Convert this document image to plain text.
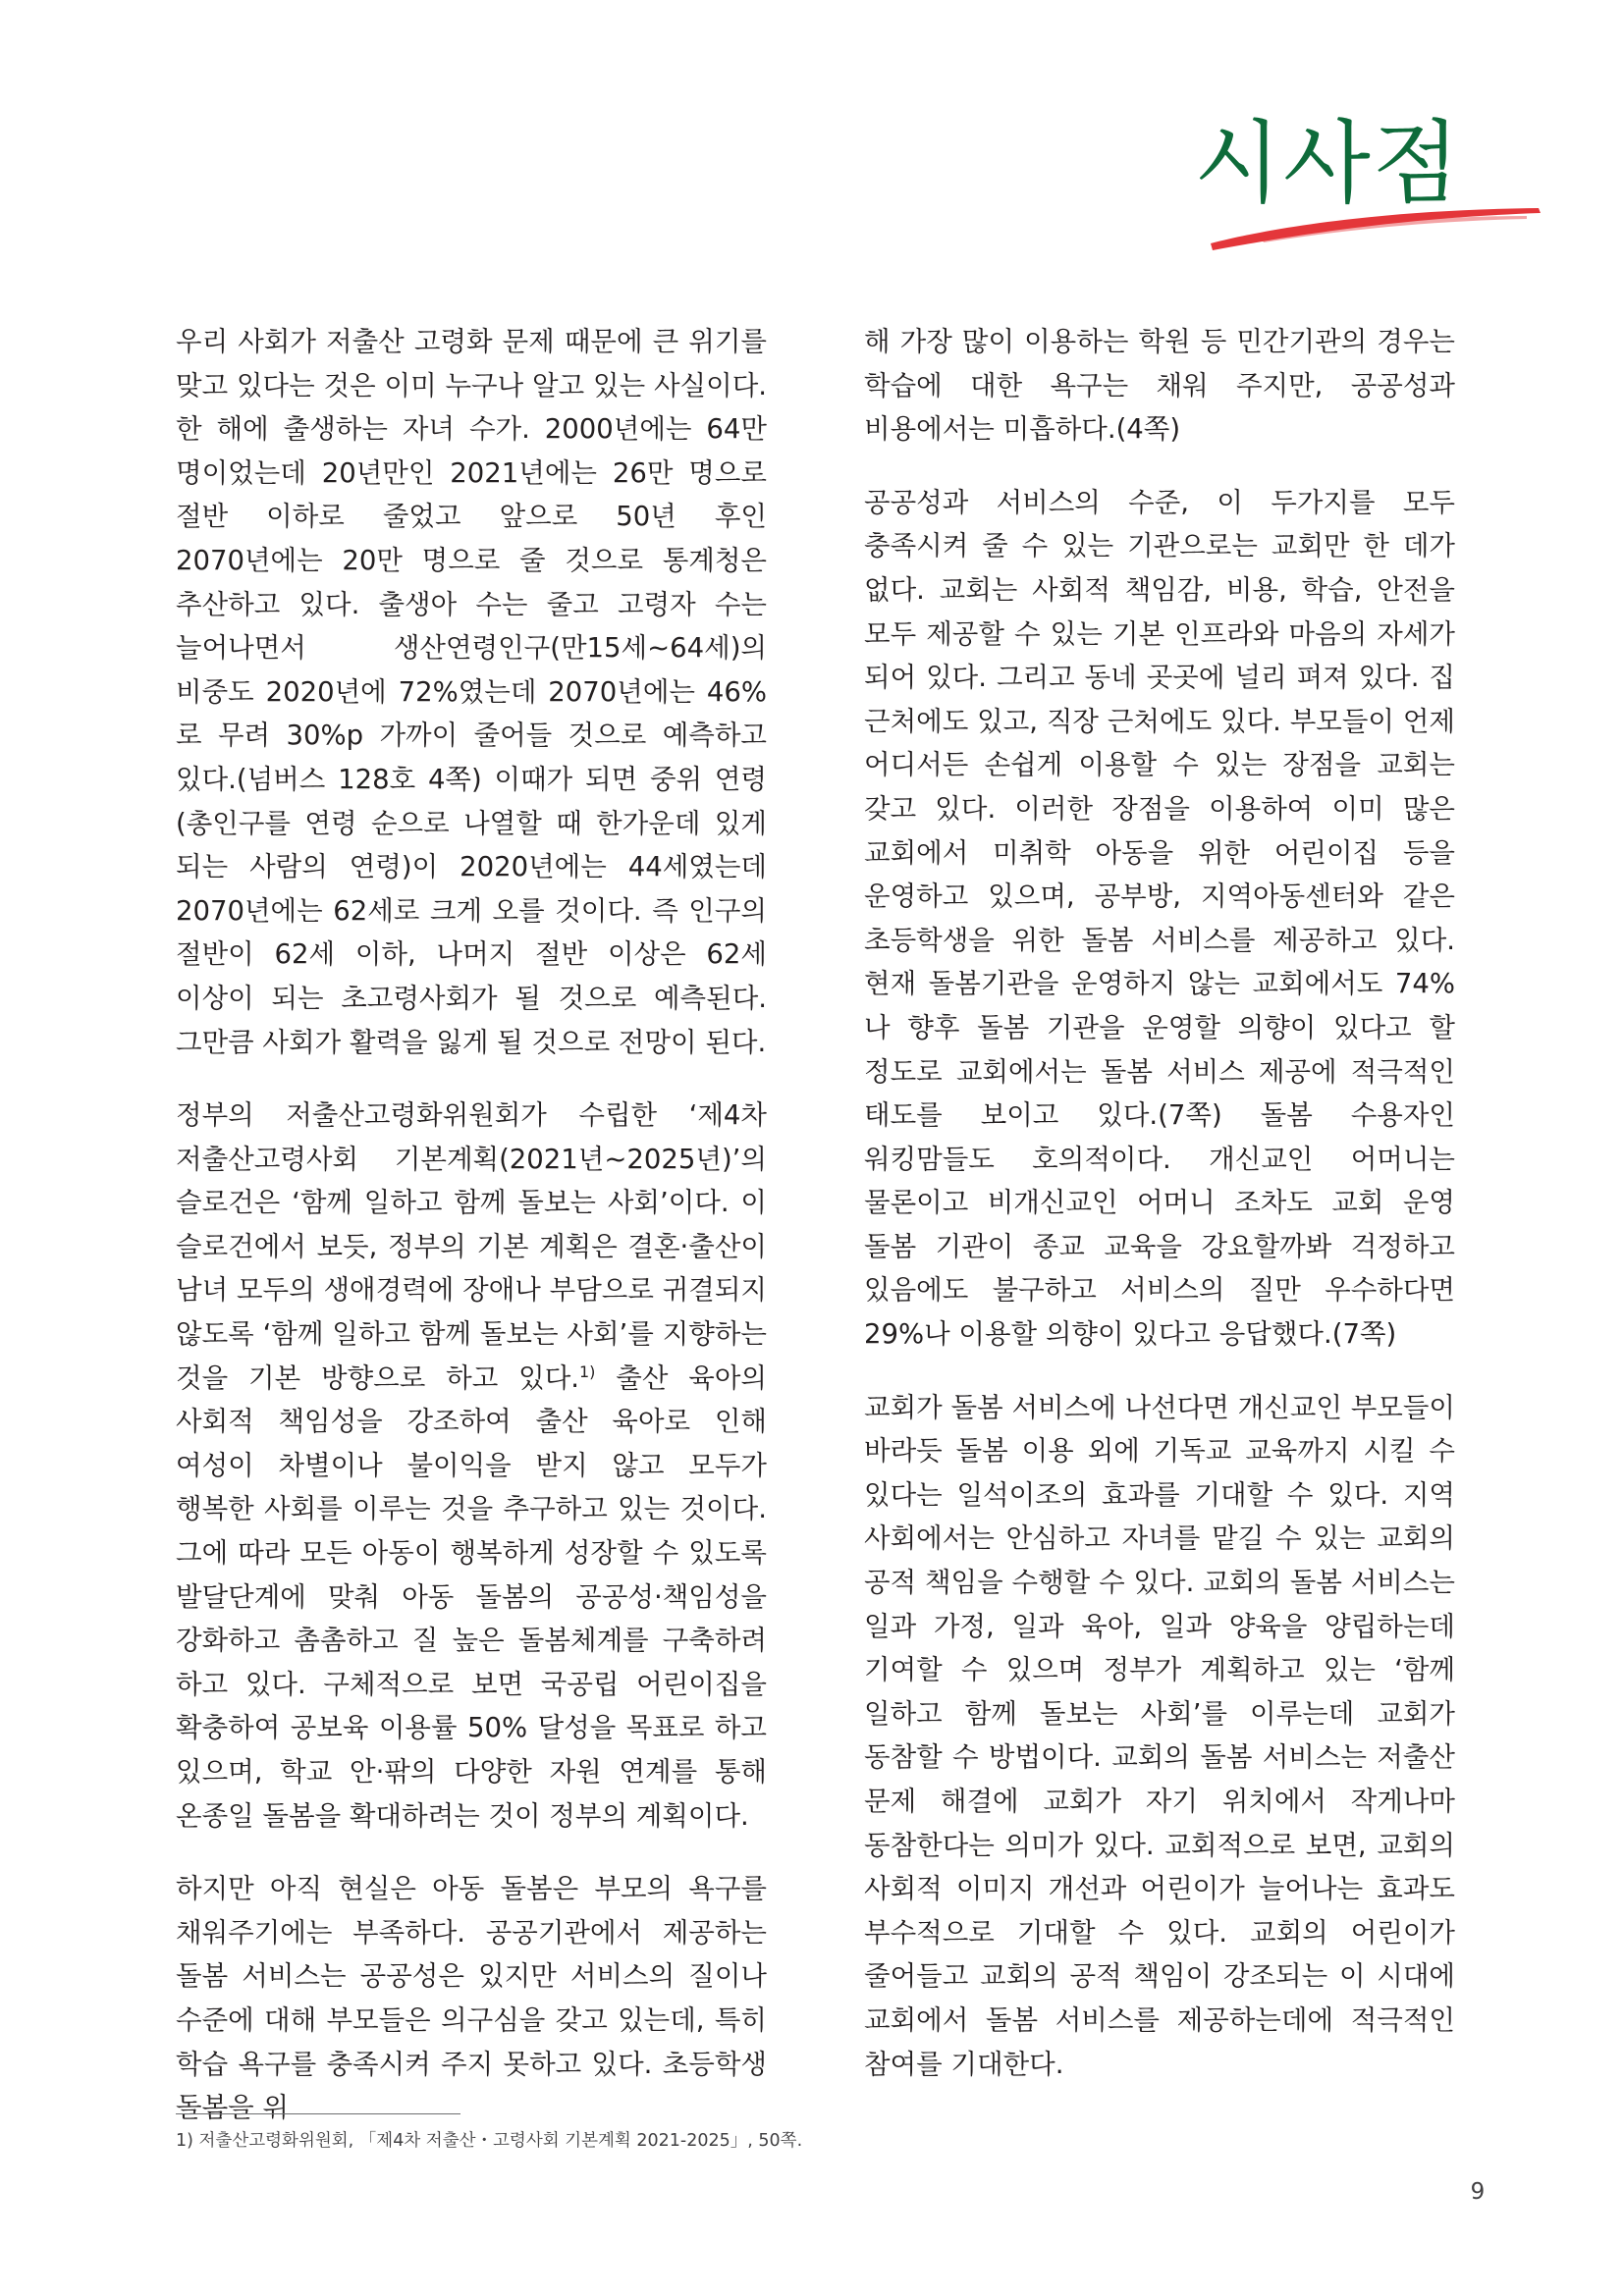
시사점

우리 사회가 저출산 고령화 문제 때문에 큰 위기를 맞고 있다는 것은 이미 누구나 알고 있는 사실이다. 한 해에 출생하는 자녀 수가. 2000년에는 64만 명이었는데 20년만인 2021년에는 26만 명으로 절반 이하로 줄었고 앞으로 50년 후인 2070년에는 20만 명으로 줄 것으로 통계청은 추산하고 있다. 출생아 수는 줄고 고령자 수는 늘어나면서 생산연령인구(만15세~64세)의 비중도 2020년에 72%였는데 2070년에는 46%로 무려 30%p 가까이 줄어들 것으로 예측하고 있다.(넘버스 128호 4쪽) 이때가 되면 중위 연령(총인구를 연령 순으로 나열할 때 한가운데 있게 되는 사람의 연령)이 2020년에는 44세였는데 2070년에는 62세로 크게 오를 것이다. 즉 인구의 절반이 62세 이하, 나머지 절반 이상은 62세 이상이 되는 초고령사회가 될 것으로 예측된다. 그만큼 사회가 활력을 잃게 될 것으로 전망이 된다.

정부의 저출산고령화위원회가 수립한 ‘제4차 저출산고령사회 기본계획(2021년~2025년)’의 슬로건은 ‘함께 일하고 함께 돌보는 사회’이다. 이 슬로건에서 보듯, 정부의 기본 계획은 결혼·출산이 남녀 모두의 생애경력에 장애나 부담으로 귀결되지 않도록 ‘함께 일하고 함께 돌보는 사회’를 지향하는 것을 기본 방향으로 하고 있다.$^{1)}$ 출산 육아의 사회적 책임성을 강조하여 출산 육아로 인해 여성이 차별이나 불이익을 받지 않고 모두가 행복한 사회를 이루는 것을 추구하고 있는 것이다. 그에 따라 모든 아동이 행복하게 성장할 수 있도록 발달단계에 맞춰 아동 돌봄의 공공성·책임성을 강화하고 촘촘하고 질 높은 돌봄체계를 구축하려 하고 있다. 구체적으로 보면 국공립 어린이집을 확충하여 공보육 이용률 50% 달성을 목표로 하고 있으며, 학교 안·팎의 다양한 자원 연계를 통해 온종일 돌봄을 확대하려는 것이 정부의 계획이다.

하지만 아직 현실은 아동 돌봄은 부모의 욕구를 채워주기에는 부족하다. 공공기관에서 제공하는 돌봄 서비스는 공공성은 있지만 서비스의 질이나 수준에 대해 부모들은 의구심을 갖고 있는데, 특히 학습 욕구를 충족시켜 주지 못하고 있다. 초등학생 돌봄을 위

해 가장 많이 이용하는 학원 등 민간기관의 경우는 학습에 대한 욕구는 채워 주지만, 공공성과 비용에서는 미흡하다.(4쪽)

공공성과 서비스의 수준, 이 두가지를 모두 충족시켜 줄 수 있는 기관으로는 교회만 한 데가 없다. 교회는 사회적 책임감, 비용, 학습, 안전을 모두 제공할 수 있는 기본 인프라와 마음의 자세가 되어 있다. 그리고 동네 곳곳에 널리 펴져 있다. 집 근처에도 있고, 직장 근처에도 있다. 부모들이 언제 어디서든 손쉽게 이용할 수 있는 장점을 교회는 갖고 있다. 이러한 장점을 이용하여 이미 많은 교회에서 미취학 아동을 위한 어린이집 등을 운영하고 있으며, 공부방, 지역아동센터와 같은 초등학생을 위한 돌봄 서비스를 제공하고 있다. 현재 돌봄기관을 운영하지 않는 교회에서도 74%나 향후 돌봄 기관을 운영할 의향이 있다고 할 정도로 교회에서는 돌봄 서비스 제공에 적극적인 태도를 보이고 있다.(7쪽) 돌봄 수용자인 워킹맘들도 호의적이다. 개신교인 어머니는 물론이고 비개신교인 어머니 조차도 교회 운영 돌봄 기관이 종교 교육을 강요할까봐 걱정하고 있음에도 불구하고 서비스의 질만 우수하다면 29%나 이용할 의향이 있다고 응답했다.(7쪽)

교회가 돌봄 서비스에 나선다면 개신교인 부모들이 바라듯 돌봄 이용 외에 기독교 교육까지 시킬 수 있다는 일석이조의 효과를 기대할 수 있다. 지역 사회에서는 안심하고 자녀를 맡길 수 있는 교회의 공적 책임을 수행할 수 있다. 교회의 돌봄 서비스는 일과 가정, 일과 육아, 일과 양육을 양립하는데 기여할 수 있으며 정부가 계획하고 있는 ‘함께 일하고 함께 돌보는 사회’를 이루는데 교회가 동참할 수 방법이다. 교회의 돌봄 서비스는 저출산 문제 해결에 교회가 자기 위치에서 작게나마 동참한다는 의미가 있다. 교회적으로 보면, 교회의 사회적 이미지 개선과 어린이가 늘어나는 효과도 부수적으로 기대할 수 있다. 교회의 어린이가 줄어들고 교회의 공적 책임이 강조되는 이 시대에 교회에서 돌봄 서비스를 제공하는데에 적극적인 참여를 기대한다.

1) 저출산고령화위원회, 「제4차 저출산・고령사회 기본계획 2021-2025」, 50쪽.
9
